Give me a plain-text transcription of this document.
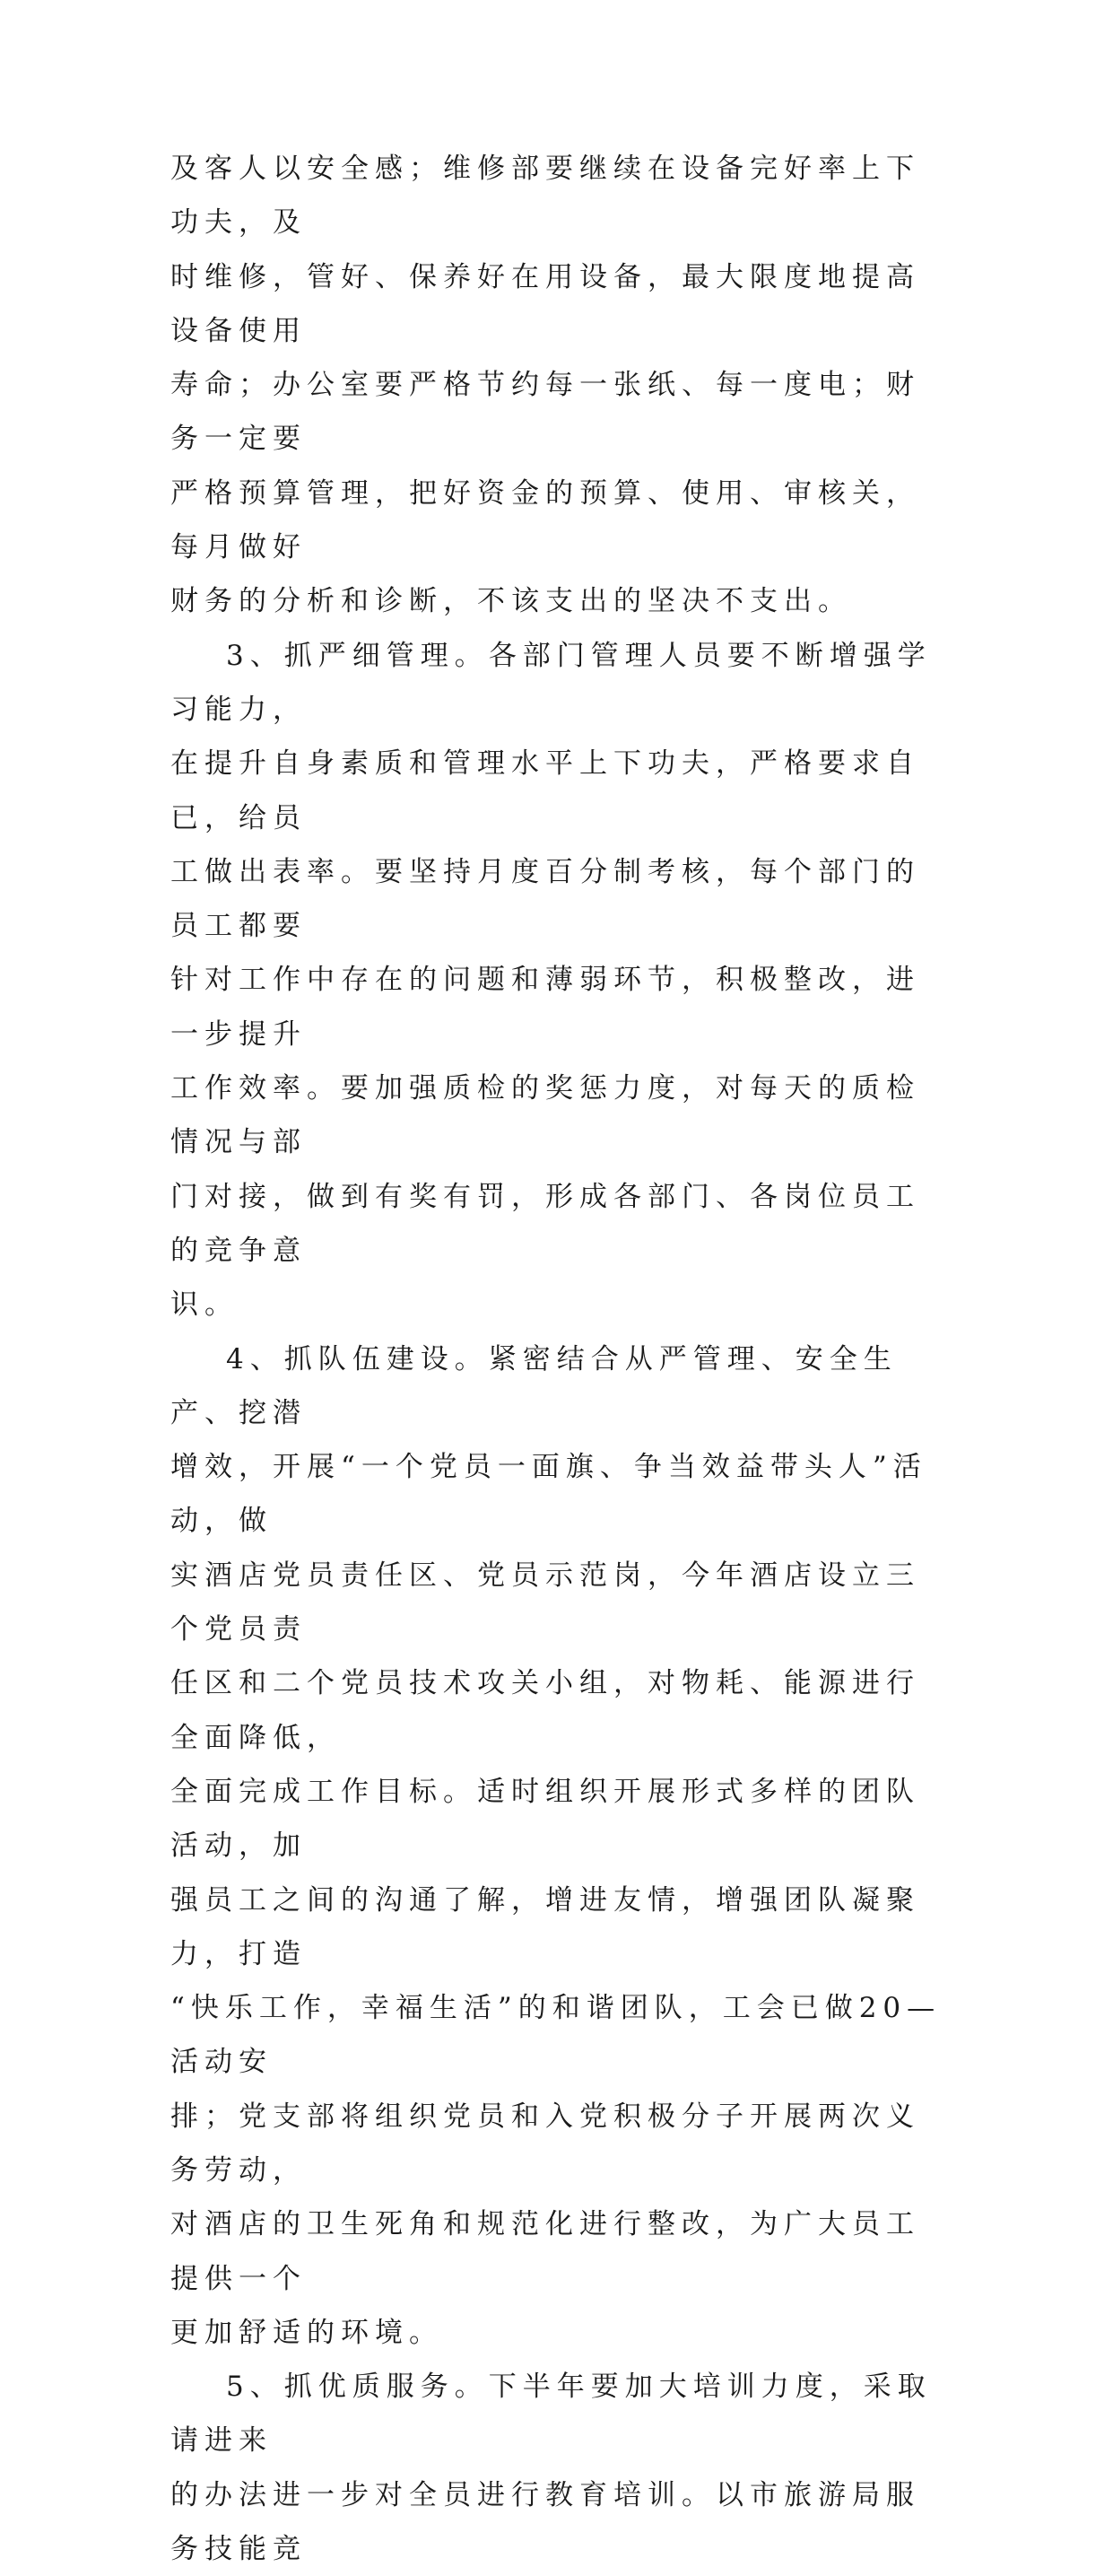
及客人以安全感；维修部要继续在设备完好率上下功夫，及
时维修，管好、保养好在用设备，最大限度地提高设备使用
寿命；办公室要严格节约每一张纸、每一度电；财务一定要
严格预算管理，把好资金的预算、使用、审核关，每月做好
财务的分析和诊断，不该支出的坚决不支出。

3、抓严细管理。各部门管理人员要不断增强学习能力，
在提升自身素质和管理水平上下功夫，严格要求自已，给员
工做出表率。要坚持月度百分制考核，每个部门的员工都要
针对工作中存在的问题和薄弱环节，积极整改，进一步提升
工作效率。要加强质检的奖惩力度，对每天的质检情况与部
门对接，做到有奖有罚，形成各部门、各岗位员工的竞争意
识。

4、抓队伍建设。紧密结合从严管理、安全生产、挖潜
增效，开展“一个党员一面旗、争当效益带头人”活动，做
实酒店党员责任区、党员示范岗，今年酒店设立三个党员责
任区和二个党员技术攻关小组，对物耗、能源进行全面降低，
全面完成工作目标。适时组织开展形式多样的团队活动，加
强员工之间的沟通了解，增进友情，增强团队凝聚力，打造
“快乐工作，幸福生活”的和谐团队，工会已做20—活动安
排；党支部将组织党员和入党积极分子开展两次义务劳动，
对酒店的卫生死角和规范化进行整改，为广大员工提供一个
更加舒适的环境。

5、抓优质服务。下半年要加大培训力度，采取请进来
的办法进一步对全员进行教育培训。以市旅游局服务技能竞
